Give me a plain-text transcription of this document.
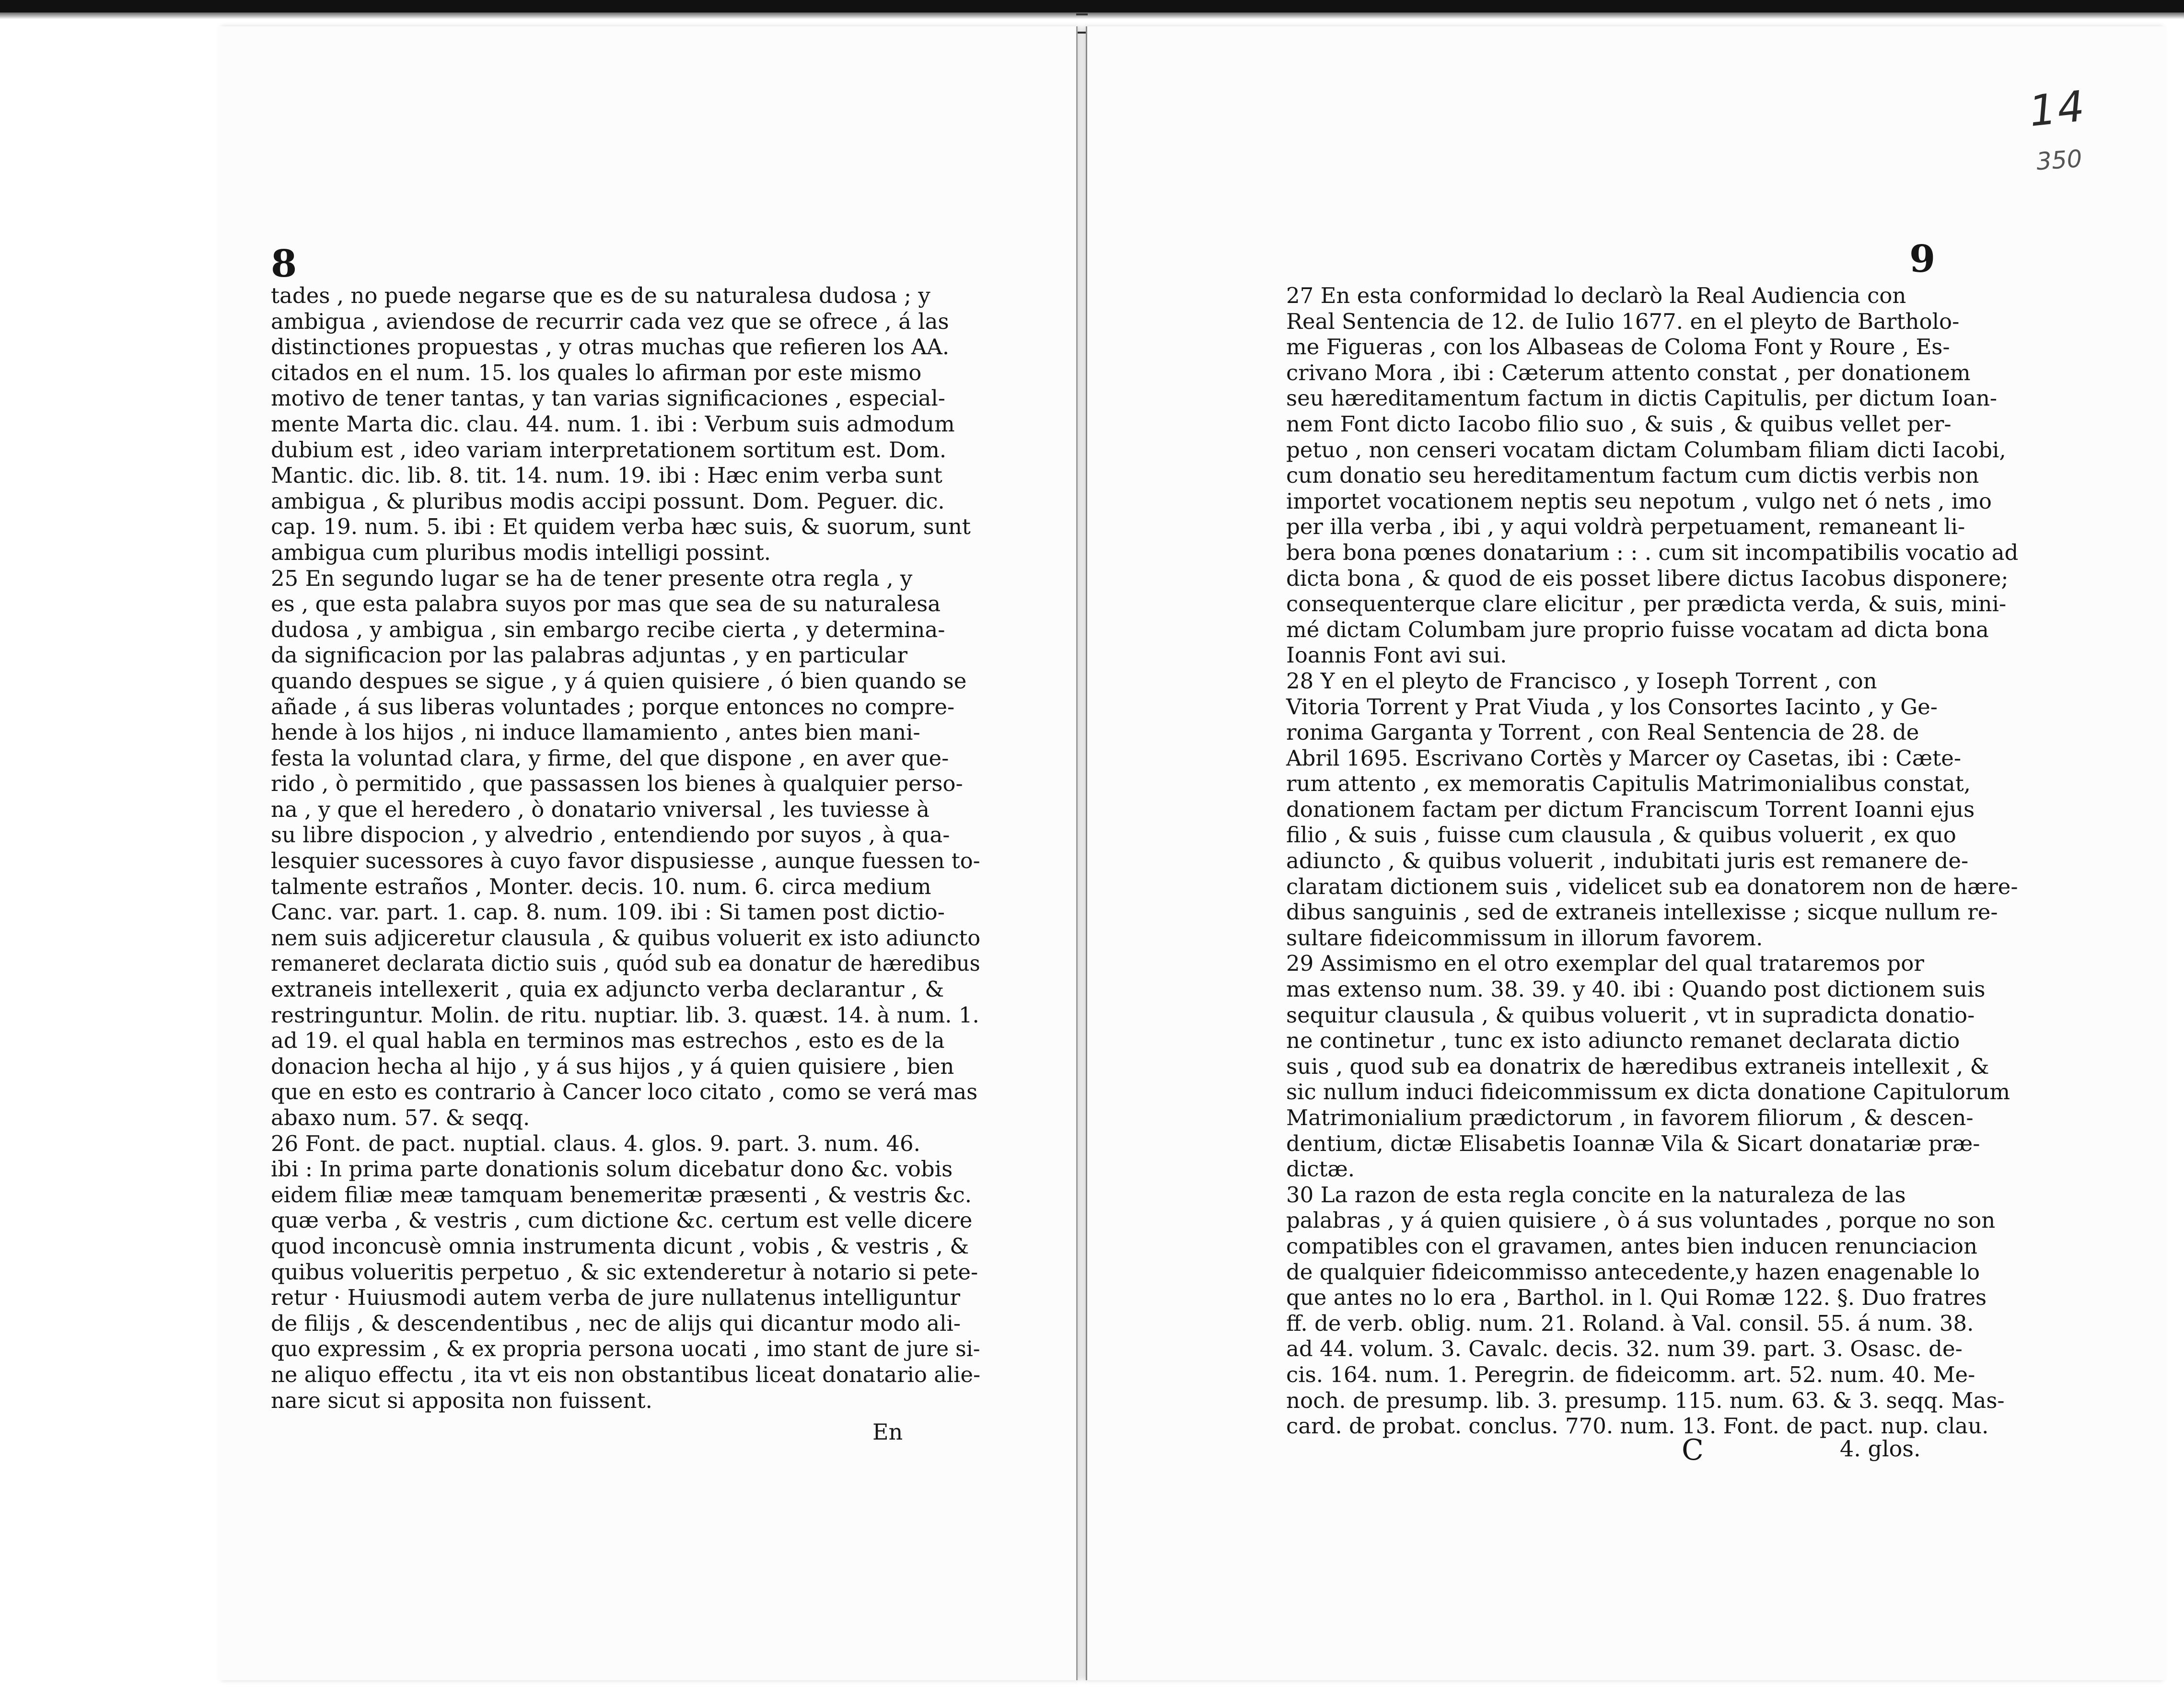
8
tades , no puede negarse que es de su naturalesa dudosa ; y
ambigua , aviendose de recurrir cada vez que se ofrece , á las
distinctiones propuestas , y otras muchas que refieren los AA.
citados en el num. 15. los quales lo afirman por este mismo
motivo de tener tantas, y tan varias significaciones , especial-
mente Marta dic. clau. 44. num. 1. ibi : Verbum suis admodum
dubium est , ideo variam interpretationem sortitum est. Dom.
Mantic. dic. lib. 8. tit. 14. num. 19. ibi : Hæc enim verba sunt
ambigua , & pluribus modis accipi possunt. Dom. Peguer. dic.
cap. 19. num. 5. ibi : Et quidem verba hæc suis, & suorum, sunt
ambigua cum pluribus modis intelligi possint.
25 En segundo lugar se ha de tener presente otra regla , y
es , que esta palabra suyos por mas que sea de su naturalesa
dudosa , y ambigua , sin embargo recibe cierta , y determina-
da significacion por las palabras adjuntas , y en particular
quando despues se sigue , y á quien quisiere , ó bien quando se
añade , á sus liberas voluntades ; porque entonces no compre-
hende à los hijos , ni induce llamamiento , antes bien mani-
festa la voluntad clara, y firme, del que dispone , en aver que-
rido , ò permitido , que passassen los bienes à qualquier perso-
na , y que el heredero , ò donatario vniversal , les tuviesse à
su libre dispocion , y alvedrio , entendiendo por suyos , à qua-
lesquier sucessores à cuyo favor dispusiesse , aunque fuessen to-
talmente estraños , Monter. decis. 10. num. 6. circa medium
Canc. var. part. 1. cap. 8. num. 109. ibi : Si tamen post dictio-
nem suis adjiceretur clausula , & quibus voluerit ex isto adiuncto
remaneret declarata dictio suis , quód sub ea donatur de hæredibus
extraneis intellexerit , quia ex adjuncto verba declarantur , &
restringuntur. Molin. de ritu. nuptiar. lib. 3. quæst. 14. à num. 1.
ad 19. el qual habla en terminos mas estrechos , esto es de la
donacion hecha al hijo , y á sus hijos , y á quien quisiere , bien
que en esto es contrario à Cancer loco citato , como se verá mas
abaxo num. 57. & seqq.
26 Font. de pact. nuptial. claus. 4. glos. 9. part. 3. num. 46.
ibi : In prima parte donationis solum dicebatur dono &c. vobis
eidem filiæ meæ tamquam benemeritæ præsenti , & vestris &c.
quæ verba , & vestris , cum dictione &c. certum est velle dicere
quod inconcusè omnia instrumenta dicunt , vobis , & vestris , &
quibus volueritis perpetuo , & sic extenderetur à notario si pete-
retur · Huiusmodi autem verba de jure nullatenus intelliguntur
de filijs , & descendentibus , nec de alijs qui dicantur modo ali-
quo expressim , & ex propria persona uocati , imo stant de jure si-
ne aliquo effectu , ita vt eis non obstantibus liceat donatario alie-
nare sicut si apposita non fuissent.
En
9
14
350
27 En esta conformidad lo declarò la Real Audiencia con
Real Sentencia de 12. de Iulio 1677. en el pleyto de Bartholo-
me Figueras , con los Albaseas de Coloma Font y Roure , Es-
crivano Mora , ibi : Cæterum attento constat , per donationem
seu hæreditamentum factum in dictis Capitulis, per dictum Ioan-
nem Font dicto Iacobo filio suo , & suis , & quibus vellet per-
petuo , non censeri vocatam dictam Columbam filiam dicti Iacobi,
cum donatio seu hereditamentum factum cum dictis verbis non
importet vocationem neptis seu nepotum , vulgo net ó nets , imo
per illa verba , ibi , y aqui voldrà perpetuament, remaneant li-
bera bona pœnes donatarium : : . cum sit incompatibilis vocatio ad
dicta bona , & quod de eis posset libere dictus Iacobus disponere;
consequenterque clare elicitur , per prædicta verda, & suis, mini-
mé dictam Columbam jure proprio fuisse vocatam ad dicta bona
Ioannis Font avi sui.
28 Y en el pleyto de Francisco , y Ioseph Torrent , con
Vitoria Torrent y Prat Viuda , y los Consortes Iacinto , y Ge-
ronima Garganta y Torrent , con Real Sentencia de 28. de
Abril 1695. Escrivano Cortès y Marcer oy Casetas, ibi : Cæte-
rum attento , ex memoratis Capitulis Matrimonialibus constat,
donationem factam per dictum Franciscum Torrent Ioanni ejus
filio , & suis , fuisse cum clausula , & quibus voluerit , ex quo
adiuncto , & quibus voluerit , indubitati juris est remanere de-
claratam dictionem suis , videlicet sub ea donatorem non de hære-
dibus sanguinis , sed de extraneis intellexisse ; sicque nullum re-
sultare fideicommissum in illorum favorem.
29 Assimismo en el otro exemplar del qual trataremos por
mas extenso num. 38. 39. y 40. ibi : Quando post dictionem suis
sequitur clausula , & quibus voluerit , vt in supradicta donatio-
ne continetur , tunc ex isto adiuncto remanet declarata dictio
suis , quod sub ea donatrix de hæredibus extraneis intellexit , &
sic nullum induci fideicommissum ex dicta donatione Capitulorum
Matrimonialium prædictorum , in favorem filiorum , & descen-
dentium, dictæ Elisabetis Ioannæ Vila & Sicart donatariæ præ-
dictæ.
30 La razon de esta regla concite en la naturaleza de las
palabras , y á quien quisiere , ò á sus voluntades , porque no son
compatibles con el gravamen, antes bien inducen renunciacion
de qualquier fideicommisso antecedente,y hazen enagenable lo
que antes no lo era , Barthol. in l. Qui Romæ 122. §. Duo fratres
ff. de verb. oblig. num. 21. Roland. à Val. consil. 55. á num. 38.
ad 44. volum. 3. Cavalc. decis. 32. num 39. part. 3. Osasc. de-
cis. 164. num. 1. Peregrin. de fideicomm. art. 52. num. 40. Me-
noch. de presump. lib. 3. presump. 115. num. 63. & 3. seqq. Mas-
card. de probat. conclus. 770. num. 13. Font. de pact. nup. clau.
C	4. glos.
